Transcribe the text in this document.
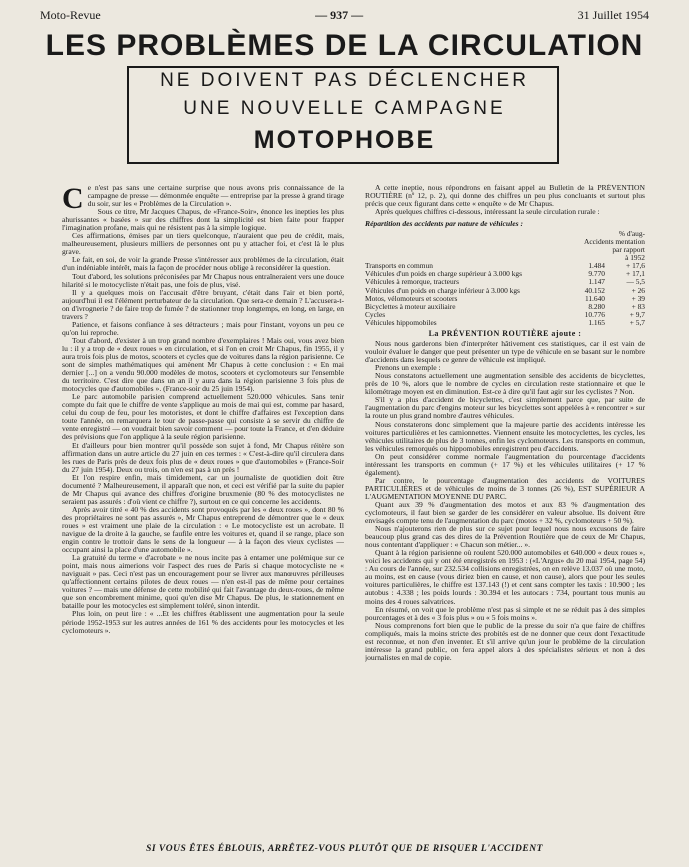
Moto-Revue	— 937 —	31 Juillet 1954
LES PROBLÈMES DE LA CIRCULATION
NE DOIVENT PAS DÉCLENCHER
UNE NOUVELLE CAMPAGNE
MOTOPHOBE
C e n'est pas sans une certaine surprise que nous avons pris connaissance de la campagne de presse — démonmée enquête — entreprise par la presse à grand tirage du soir, sur les « Problèmes de la Circulation ».

Sous ce titre, Mr Jacques Chapus, de «France-Soir», énonce les inepties les plus ahurissantes « basées » sur des chiffres dont la simplicité est bien faite pour frapper l'imagination profane, mais qui ne résistent pas à la simple logique.

Ces affirmations, émises par un tiers quelconque, n'auraient que peu de crédit, mais, malheureusement, plusieurs milliers de personnes ont pu y attacher foi, et c'est là le plus grave.

Le fait, en soi, de voir la grande Presse s'intéresser aux problèmes de la circulation, était d'un indéniable intérêt, mais la façon de procéder nous oblige à reconsidérer la question.

Tout d'abord, les solutions préconisées par Mr Chapus nous entraîneraient vers une douce hilarité si le motocycliste n'était pas, une fois de plus, visé.

Il y a quelques mois on l'accusait d'être bruyant, c'était dans l'air et bien porté, aujourd'hui il est l'élément perturbateur de la circulation. Que sera-ce demain ? L'accusera-t-on d'ivrognerie ? de faire trop de fumée ? de stationner trop longtemps, en long, en large, en travers ?

Patience, et faisons confiance à ses détracteurs ; mais pour l'instant, voyons un peu ce qu'on lui reproche.

Tout d'abord, d'exister à un trop grand nombre d'exemplaires ! Mais oui, vous avez bien lu : il y a trop de « deux roues » en circulation, et si l'on en croit Mr Chapus, fin 1955, il y aura trois fois plus de motos, scooters et cycles que de voitures dans la région parisienne. Ce sont de simples mathématiques qui amènent Mr Chapus à cette conclusion : « En mai dernier [...] on a vendu 90.000 modèles de motos, scooters et cyclomoteurs sur l'ensemble du territoire. C'est dire que dans un an il y aura dans la région parisienne 3 fois plus de motocycles que d'automobiles ». (France-soir du 25 juin 1954).

Le parc automobile parisien comprend actuellement 520.000 véhicules. Sans tenir compte du fait que le chiffre de vente s'applique au mois de mai qui est, comme par hasard, celui du coup de feu, pour les motoristes, et dont le chiffre d'affaires est l'exception dans toute l'année, on remarquera le tour de passe-passe qui consiste à se servir du chiffre de vente enregistré — on voudrait bien savoir comment — pour toute la France, et d'en déduire des prévisions que l'on applique à la seule région parisienne.

Et d'ailleurs pour bien montrer qu'il possède son sujet à fond, Mr Chapus réitère son affirmation dans un autre article du 27 juin en ces termes : « C'est-à-dire qu'il circulera dans les rues de Paris près de deux fois plus de « deux roues » que d'automobiles » (France-Soir du 27 juin 1954). Deux ou trois, on n'en est pas à un près !

Et l'on respire enfin, mais timidement, car un journaliste de quotidien doit être documenté ? Malheureusement, il apparaît que non, et ceci est vérifié par la suite du papier de Mr Chapus qui avance des chiffres d'origine bruxmenie (80 % des motocyclistes ne seraient pas assurés : d'où vient ce chiffre ?), surtout en ce qui concerne les accidents.

Après avoir titré « 40 % des accidents sont provoqués par les « deux roues », dont 80 % des propriétaires ne sont pas assurés », Mr Chapus entreprend de démontrer que le « deux roues » est vraiment une plaie de la circulation : « Le motocycliste est un acrobate. Il navigue de la droite à la gauche, se faufile entre les voitures et, quand il se range, place son engin contre le trottoir dans le sens de la longueur — à la façon des vieux cyclistes — occupant ainsi la place d'une automobile ».

La gratuité du terme « d'acrobate » ne nous incite pas à entamer une polémique sur ce point, mais nous aimerions voir l'aspect des rues de Paris si chaque motocycliste ne « naviguait » pas. Ceci n'est pas un encouragement pour se livrer aux manœuvres périlleuses qu'affectionnent certains pilotes de deux roues — n'en est-il pas de même pour certaines voitures ? — mais une défense de cette mobilité qui fait l'avantage du deux-roues, de même que son encombrement minime, quoi qu'en dise Mr Chapus. De plus, le stationnement en bataille pour les motocycles est simplement toléré, sinon interdit.

Plus loin, on peut lire : « ...Et les chiffres établissent une augmentation pour la seule période 1952-1953 sur les autres années de 161 % des accidents pour les motocycles et les cyclomoteurs ».

A cette ineptie, nous répondrons en faisant appel au Bulletin de la PRÉVENTION ROUTIÈRE (nº 12, p. 2), qui donne des chiffres un peu plus concluants et surtout plus précis que ceux figurant dans cette « enquête » de Mr Chapus.

Après quelques chiffres ci-dessous, intéressant la seule circulation rurale :

Répartition des accidents par nature de véhicules :
% d'aug-
Accidents mentation
par rapport
à 1952
Transports en commun	1.484	+ 17,6
Véhicules d'un poids en charge supérieur à 3.000 kgs	9.770	+ 17,1
Véhicules à remorque, tracteurs	1.147	— 5,5
Véhicules d'un poids en charge inférieur à 3.000 kgs	40.152	+ 26
Motos, vélomoteurs et scooters	11.640	+ 39
Bicyclettes à moteur auxiliaire	8.280	+ 83
Cycles	10.776	+ 9,7
Véhicules hippomobiles	1.165	+ 5,7
La PRÉVENTION ROUTIÈRE ajoute :

Nous nous garderons bien d'interpréter hâtivement ces statistiques, car il est vain de vouloir évaluer le danger que peut présenter un type de véhicule en se basant sur le nombre d'accidents dans lesquels ce genre de véhicule est impliqué.

Prenons un exemple :

Nous constatons actuellement une augmentation sensible des accidents de bicyclettes, près de 10 %, alors que le nombre de cycles en circulation reste stationnaire et que le kilométrage moyen est en diminution. Est-ce à dire qu'il faut agir sur les cyclistes ? Non.

S'il y a plus d'accident de bicyclettes, c'est simplement parce que, par suite de l'augmentation du parc d'engins moteur sur les bicyclettes sont appelées à « rencontrer » sur la route un plus grand nombre d'autres véhicules.

Nous constaterons donc simplement que la majeure partie des accidents intéresse les voitures particulières et les camionnettes. Viennent ensuite les motocyclettes, les cycles, les véhicules utilitaires de plus de 3 tonnes, enfin les cyclomoteurs. Les transports en commun, les véhicules remorqués ou hippomobiles enregistrent peu d'accidents.

On peut considérer comme normale l'augmentation du pourcentage d'accidents intéressant les transports en commun (+ 17 %) et les véhicules utilitaires (+ 17 % également).

Par contre, le pourcentage d'augmentation des accidents de VOITURES PARTICULIÈRES et de véhicules de moins de 3 tonnes (26 %), EST SUPÉRIEUR A L'AUGMENTATION MOYENNE DU PARC.

Quant aux 39 % d'augmentation des motos et aux 83 % d'augmentation des cyclomoteurs, il faut bien se garder de les considérer en valeur absolue. Ils doivent être envisagés compte tenu de l'augmentation du parc (motos + 32 %, cyclomoteurs + 50 %).

Nous n'ajouterons rien de plus sur ce sujet pour lequel nous nous excusons de faire beaucoup plus grand cas des dires de la Prévention Routière que de ceux de Mr Chapus, nous contentant d'appliquer : « Chacun son métier... ».

Quant à la région parisienne où roulent 520.000 automobiles et 640.000 « deux roues », voici les accidents qui y ont été enregistrés en 1953 : («L'Argus» du 20 mai 1954, page 54) : Au cours de l'année, sur 232.534 collisions enregistrées, on en relève 13.037 où une moto, au moins, est en cause (vous diriez bien en cause, et non cause), alors que pour les seules voitures particulières, le chiffre est 137.143 (!) et cent sans compter les taxis : 10.900 ; les autobus : 4.338 ; les poids lourds : 30.394 et les autocars : 734, pourtant tous munis au moins des 4 roues salvatrices.

En résumé, on voit que le problème n'est pas si simple et ne se réduit pas à des simples pourcentages et à des « 3 fois plus » ou « 5 fois moins ».

Nous comprenons fort bien que le public de la presse du soir n'a que faire de chiffres compliqués, mais la moins stricte des probités est de ne donner que ceux dont l'exactitude est reconnue, et non d'en inventer. Et s'il arrive qu'un jour le problème de la circulation intéresse la grand public, on fera appel alors à des spécialistes sérieux et non à des journalistes en mal de copie.

SI VOUS ÊTES ÉBLOUIS, ARRÊTEZ-VOUS PLUTÔT QUE DE RISQUER L'ACCIDENT
